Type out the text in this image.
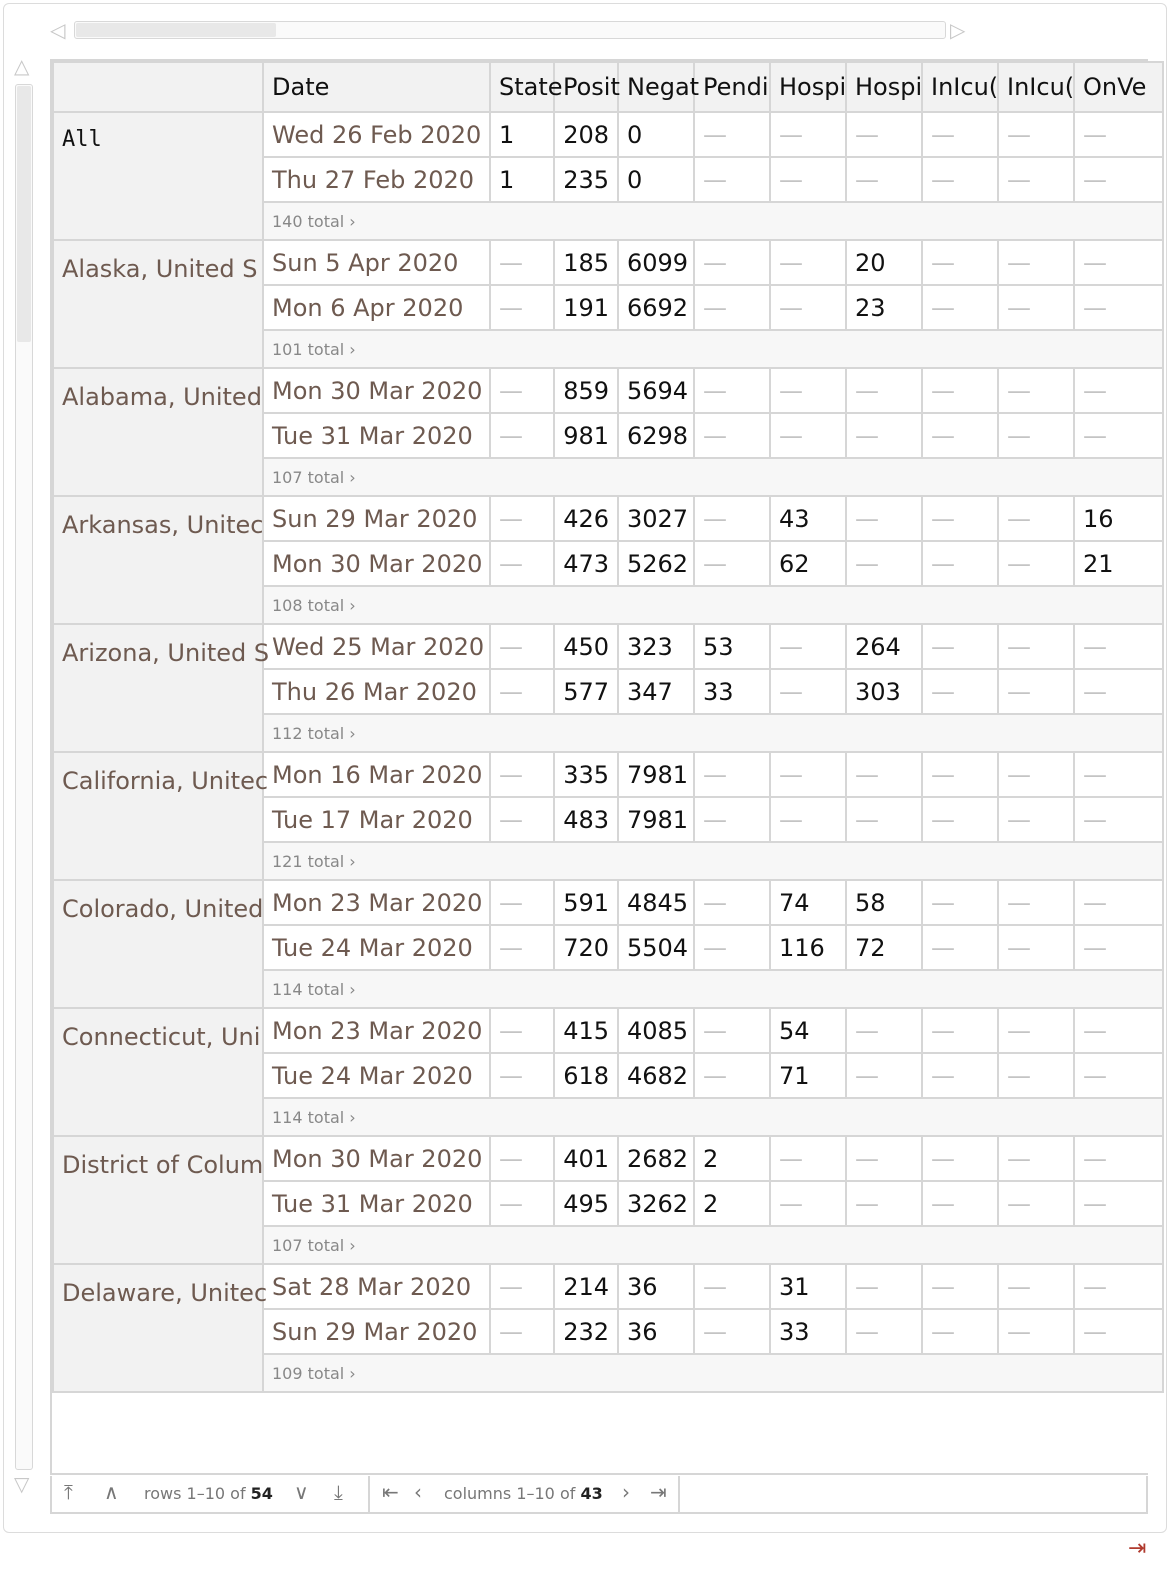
◁	▷
△
▽
	Date	State	Posit	Negat	Pendi	Hospi	Hospi	InIcu(	InIcu(	OnVe
All	Wed 26 Feb 2020	1	208	0	—	—	—	—	—	—
	Thu 27 Feb 2020	1	235	0	—	—	—	—	—	—
	140 total ›									
Alaska, United S	Sun 5 Apr 2020	—	185	6099	—	—	20	—	—	—
	Mon 6 Apr 2020	—	191	6692	—	—	23	—	—	—
	101 total ›									
Alabama, United	Mon 30 Mar 2020	—	859	5694	—	—	—	—	—	—
	Tue 31 Mar 2020	—	981	6298	—	—	—	—	—	—
	107 total ›									
Arkansas, Unitec	Sun 29 Mar 2020	—	426	3027	—	43	—	—	—	16
	Mon 30 Mar 2020	—	473	5262	—	62	—	—	—	21
	108 total ›									
Arizona, United S	Wed 25 Mar 2020	—	450	323	53	—	264	—	—	—
	Thu 26 Mar 2020	—	577	347	33	—	303	—	—	—
	112 total ›									
California, Unitec	Mon 16 Mar 2020	—	335	7981	—	—	—	—	—	—
	Tue 17 Mar 2020	—	483	7981	—	—	—	—	—	—
	121 total ›									
Colorado, United	Mon 23 Mar 2020	—	591	4845	—	74	58	—	—	—
	Tue 24 Mar 2020	—	720	5504	—	116	72	—	—	—
	114 total ›									
Connecticut, Uni	Mon 23 Mar 2020	—	415	4085	—	54	—	—	—	—
	Tue 24 Mar 2020	—	618	4682	—	71	—	—	—	—
	114 total ›									
District of Colum	Mon 30 Mar 2020	—	401	2682	2	—	—	—	—	—
	Tue 31 Mar 2020	—	495	3262	2	—	—	—	—	—
	107 total ›									
Delaware, Unitec	Sat 28 Mar 2020	—	214	36	—	31	—	—	—	—
	Sun 29 Mar 2020	—	232	36	—	33	—	—	—	—
	109 total ›									
⤒ ∧ rows 1–10 of 54 ∨ ⤓ ⇤ ‹ columns 1–10 of 43 › ⇥
⇥
